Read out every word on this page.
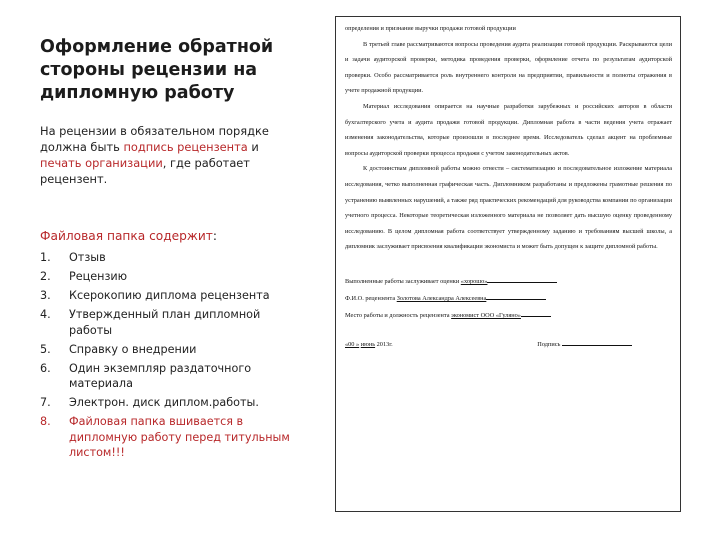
Оформление обратной стороны рецензии на дипломную работу
На рецензии в обязательном порядке должна быть подпись рецензента и печать организации, где работает рецензент.
Файловая папка содержит:
1.	Отзыв
2.	Рецензию
3.	Ксерокопию диплома рецензента
4.	Утвержденный план дипломной работы
5.	Справку о внедрении
6.	Один экземпляр раздаточного материала
7.	Электрон. диск диплом.работы.
8.	Файловая папка вшивается в дипломную работу перед титульным листом!!!

определения и признание выручки продажи готовой продукции

В третьей главе рассматриваются вопросы проведения аудита реализации готовой продукции. Раскрываются цели и задачи аудиторской проверки, методика проведения проверки, оформление отчета по результатам аудиторской проверки. Особо рассматривается роль внутреннего контроля на предприятии, правильности и полноты отражения в учете продажной продукции.

Материал исследования опирается на научные разработки зарубежных и российских авторов в области бухгалтерского учета и аудита продажи готовой продукции. Дипломная работа в части ведения учета отражает изменения законодательства, которые произошли в последнее время. Исследователь сделал акцент на проблемные вопросы аудиторской проверки процесса продажи с учетом законодательных актов.

К достоинствам дипломной работы можно отнести – систематизацию и последовательное изложение материала исследования, четко выполненная графическая часть. Дипломником разработаны и предложены грамотные решения по устранению выявленных нарушений, а также ряд практических рекомендаций для руководства компании по организации учетного процесса. Некоторые теоретическая изложенного материала не позволяет дать высшую оценку проведенному исследованию. В целом дипломная работа соответствует утвержденному заданию и требованиям высшей школы, а дипломник заслуживает присвоения квалификации экономиста и может быть допущен к защите дипломной работы.

Выполненные работы заслуживает оценки «хорошо»
Ф.И.О. рецензента Золотова Александра Алексеевна
Место работы и должность рецензента экономист ООО «Гуляно»
«00 » июнь 2013г.	Подпись
